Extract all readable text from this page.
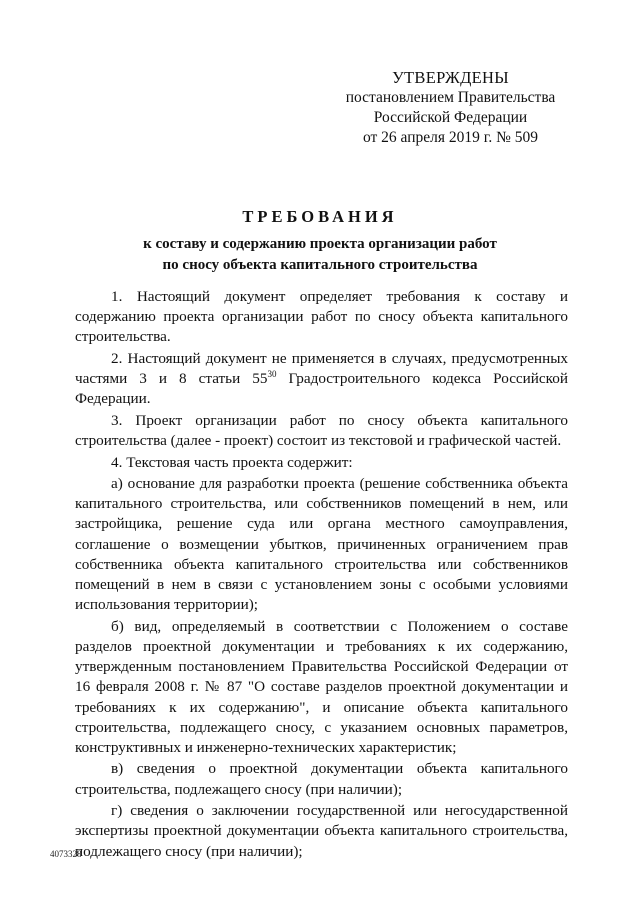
УТВЕРЖДЕНЫ
постановлением Правительства
Российской Федерации
от 26 апреля 2019 г. № 509
ТРЕБОВАНИЯ
к составу и содержанию проекта организации работ
по сносу объекта капитального строительства

1. Настоящий документ определяет требования к составу и содержанию проекта организации работ по сносу объекта капитального строительства.

2. Настоящий документ не применяется в случаях, предусмотренных частями 3 и 8 статьи $55^{30}$ Градостроительного кодекса Российской Федерации.

3. Проект организации работ по сносу объекта капитального строительства (далее - проект) состоит из текстовой и графической частей.

4. Текстовая часть проекта содержит:

а) основание для разработки проекта (решение собственника объекта капитального строительства, или собственников помещений в нем, или застройщика, решение суда или органа местного самоуправления, соглашение о возмещении убытков, причиненных ограничением прав собственника объекта капитального строительства или собственников помещений в нем в связи с установлением зоны с особыми условиями использования территории);

б) вид, определяемый в соответствии с Положением о составе разделов проектной документации и требованиях к их содержанию, утвержденным постановлением Правительства Российской Федерации от 16 февраля 2008 г. № 87 "О составе разделов проектной документации и требованиях к их содержанию", и описание объекта капитального строительства, подлежащего сносу, с указанием основных параметров, конструктивных и инженерно-технических характеристик;

в) сведения о проектной документации объекта капитального строительства, подлежащего сносу (при наличии);

г) сведения о заключении государственной или негосударственной экспертизы проектной документации объекта капитального строительства, подлежащего сносу (при наличии);

4073328
